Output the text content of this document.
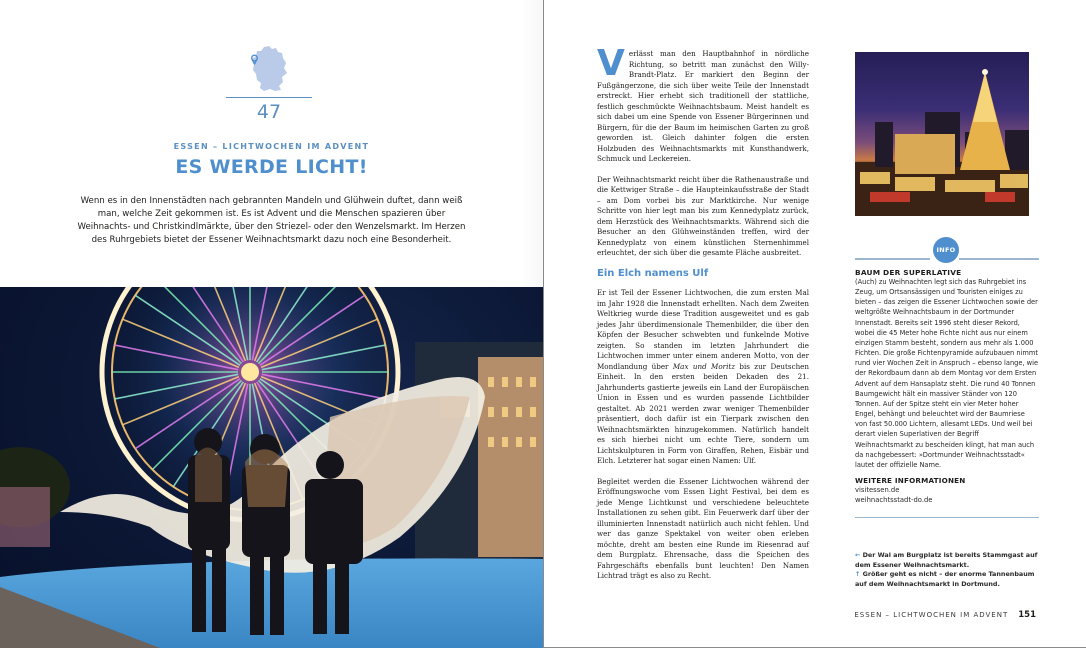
47
ESSEN – LICHTWOCHEN IM ADVENT
ES WERDE LICHT!

Wenn es in den Innenstädten nach gebrannten Mandeln und Glühwein duftet, dann weiß man, welche Zeit gekommen ist. Es ist Advent und die Menschen spazieren über Weihnachts- und Christkindlmärkte, über den Striezel- oder den Wenzelsmarkt. Im Herzen des Ruhrgebiets bietet der Essener Weihnachtsmarkt dazu noch eine Besonderheit.

Verlässt man den Hauptbahnhof in nördliche Richtung, so betritt man zunächst den Willy-Brandt-Platz. Er markiert den Beginn der Fußgängerzone, die sich über weite Teile der Innenstadt erstreckt. Hier erhebt sich traditionell der stattliche, festlich geschmückte Weihnachtsbaum. Meist handelt es sich dabei um eine Spende von Essener Bürgerinnen und Bürgern, für die der Baum im heimischen Garten zu groß geworden ist. Gleich dahinter folgen die ersten Holzbuden des Weihnachtsmarkts mit Kunsthandwerk, Schmuck und Leckereien.

Der Weihnachtsmarkt reicht über die Rathenaustraße und die Kettwiger Straße – die Haupteinkaufsstraße der Stadt – am Dom vorbei bis zur Marktkirche. Nur wenige Schritte von hier legt man bis zum Kennedyplatz zurück, dem Herzstück des Weihnachtsmarkts. Während sich die Besucher an den Glühweinständen treffen, wird der Kennedyplatz von einem künstlichen Sternenhimmel erleuchtet, der sich über die gesamte Fläche ausbreitet.

Ein Elch namens Ulf

Er ist Teil der Essener Lichtwochen, die zum ersten Mal im Jahr 1928 die Innenstadt erhellten. Nach dem Zweiten Weltkrieg wurde diese Tradition ausgeweitet und es gab jedes Jahr überdimensionale Themenbilder, die über den Köpfen der Besucher schwebten und funkelnde Motive zeigten. So standen im letzten Jahrhundert die Lichtwochen immer unter einem anderen Motto, von der Mondlandung über Max und Moritz bis zur Deutschen Einheit. In den ersten beiden Dekaden des 21. Jahrhunderts gastierte jeweils ein Land der Europäischen Union in Essen und es wurden passende Lichtbilder gestaltet. Ab 2021 werden zwar weniger Themenbilder präsentiert, doch dafür ist ein Tierpark zwischen den Weihnachtsmärkten hinzugekommen. Natürlich handelt es sich hierbei nicht um echte Tiere, sondern um Lichtskulpturen in Form von Giraffen, Rehen, Eisbär und Elch. Letzterer hat sogar einen Namen: Ulf.

Begleitet werden die Essener Lichtwochen während der Eröffnungswoche vom Essen Light Festival, bei dem es jede Menge Lichtkunst und verschiedene beleuchtete Installationen zu sehen gibt. Ein Feuerwerk darf über der illuminierten Innenstadt natürlich auch nicht fehlen. Und wer das ganze Spektakel von weiter oben erleben möchte, dreht am besten eine Runde im Riesenrad auf dem Burgplatz. Ehrensache, dass die Speichen des Fahrgeschäfts ebenfalls bunt leuchten! Den Namen Lichtrad trägt es also zu Recht.

INFO
BAUM DER SUPERLATIVE

(Auch) zu Weihnachten legt sich das Ruhrgebiet ins Zeug, um Ortsansässigen und Touristen einiges zu bieten – das zeigen die Essener Lichtwochen sowie der weltgrößte Weihnachtsbaum in der Dortmunder Innenstadt. Bereits seit 1996 steht dieser Rekord, wobei die 45 Meter hohe Fichte nicht aus nur einem einzigen Stamm besteht, sondern aus mehr als 1.000 Fichten. Die große Fichtenpyramide aufzubauen nimmt rund vier Wochen Zeit in Anspruch – ebenso lange, wie der Rekordbaum dann ab dem Montag vor dem Ersten Advent auf dem Hansaplatz steht. Die rund 40 Tonnen Baumgewicht hält ein massiver Ständer von 120 Tonnen. Auf der Spitze steht ein vier Meter hoher Engel, behängt und beleuchtet wird der Baumriese von fast 50.000 Lichtern, allesamt LEDs. Und weil bei derart vielen Superlativen der Begriff Weihnachtsmarkt zu bescheiden klingt, hat man auch da nachgebessert: »Dortmunder Weihnachtsstadt« lautet der offizielle Name.

WEITERE INFORMATIONEN
visitessen.de
weihnachtsstadt-do.de
← Der Wal am Burgplatz ist bereits Stammgast auf dem Essener Weihnachtsmarkt.
↑ Größer geht es nicht – der enorme Tannenbaum auf dem Weihnachtsmarkt in Dortmund.
ESSEN – LICHTWOCHEN IM ADVENT 151
